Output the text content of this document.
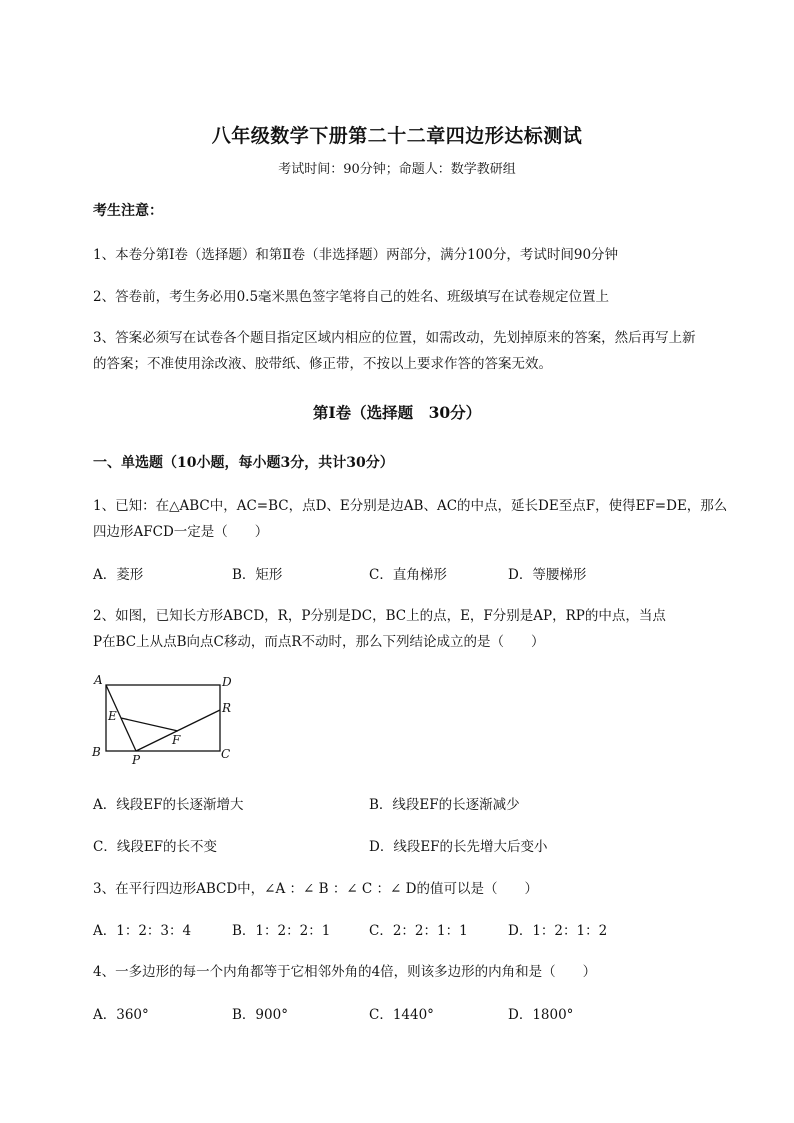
八年级数学下册第二十二章四边形达标测试
考试时间：90分钟；命题人：数学教研组
考生注意：
1、本卷分第Ⅰ卷（选择题）和第Ⅱ卷（非选择题）两部分，满分100分，考试时间90分钟
2、答卷前，考生务必用0.5毫米黑色签字笔将自己的姓名、班级填写在试卷规定位置上
3、答案必须写在试卷各个题目指定区域内相应的位置，如需改动，先划掉原来的答案，然后再写上新
的答案；不准使用涂改液、胶带纸、修正带，不按以上要求作答的答案无效。
第Ⅰ卷（选择题　30分）
一、单选题（10小题，每小题3分，共计30分）
1、已知：在△ABC中，AC=BC，点D、E分别是边AB、AC的中点，延长DE至点F，使得EF=DE，那么
四边形AFCD一定是（　　）
A．菱形	B．矩形	C．直角梯形	D．等腰梯形
2、如图，已知长方形ABCD，R，P分别是DC，BC上的点，E，F分别是AP，RP的中点，当点
P在BC上从点B向点C移动，而点R不动时，那么下列结论成立的是（　　）
A	D
B	C
E
F
P
R
A．线段EF的长逐渐增大	B．线段EF的长逐渐减少
C．线段EF的长不变	D．线段EF的长先增大后变小
3、在平行四边形ABCD中，∠A ：∠ B ：∠ C ：∠ D的值可以是（　　）
A．1：2：3：4	B．1：2：2：1	C．2：2：1：1	D．1：2：1：2
4、一多边形的每一个内角都等于它相邻外角的4倍，则该多边形的内角和是（　　）
A．360°	B．900°	C．1440°	D．1800°
